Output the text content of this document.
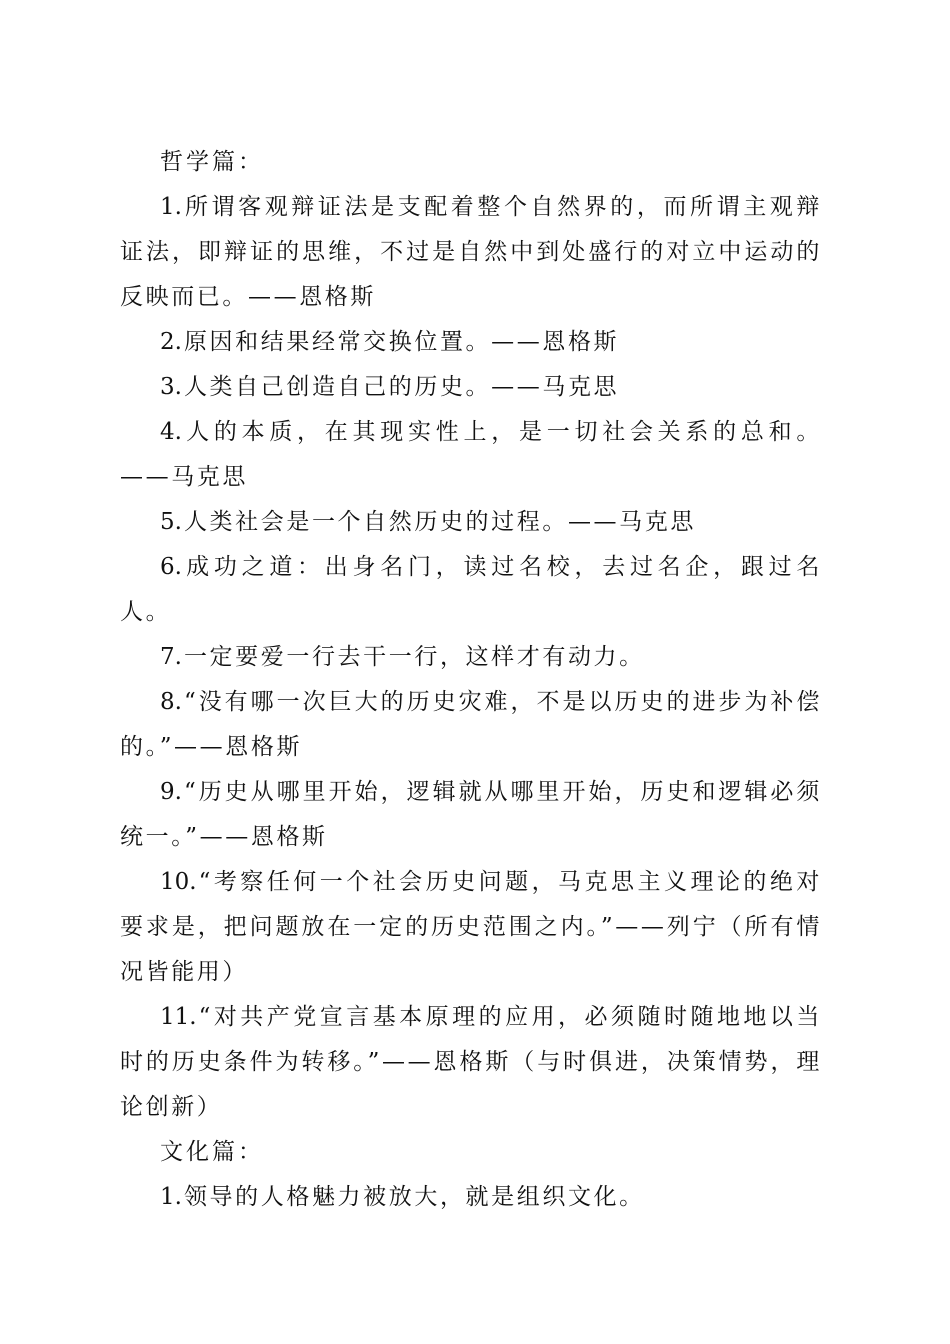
哲学篇：

1.所谓客观辩证法是支配着整个自然界的，而所谓主观辩证法，即辩证的思维，不过是自然中到处盛行的对立中运动的反映而已。——恩格斯

2.原因和结果经常交换位置。——恩格斯

3.人类自己创造自己的历史。——马克思

4.人的本质，在其现实性上，是一切社会关系的总和。——马克思

5.人类社会是一个自然历史的过程。——马克思

6.成功之道：出身名门，读过名校，去过名企，跟过名人。

7.一定要爱一行去干一行，这样才有动力。

8.“没有哪一次巨大的历史灾难，不是以历史的进步为补偿的。”——恩格斯

9.“历史从哪里开始，逻辑就从哪里开始，历史和逻辑必须统一。”——恩格斯

10.“考察任何一个社会历史问题，马克思主义理论的绝对要求是，把问题放在一定的历史范围之内。”——列宁（所有情况皆能用）

11.“对共产党宣言基本原理的应用，必须随时随地地以当时的历史条件为转移。”——恩格斯（与时俱进，决策情势，理论创新）

文化篇：

1.领导的人格魅力被放大，就是组织文化。
